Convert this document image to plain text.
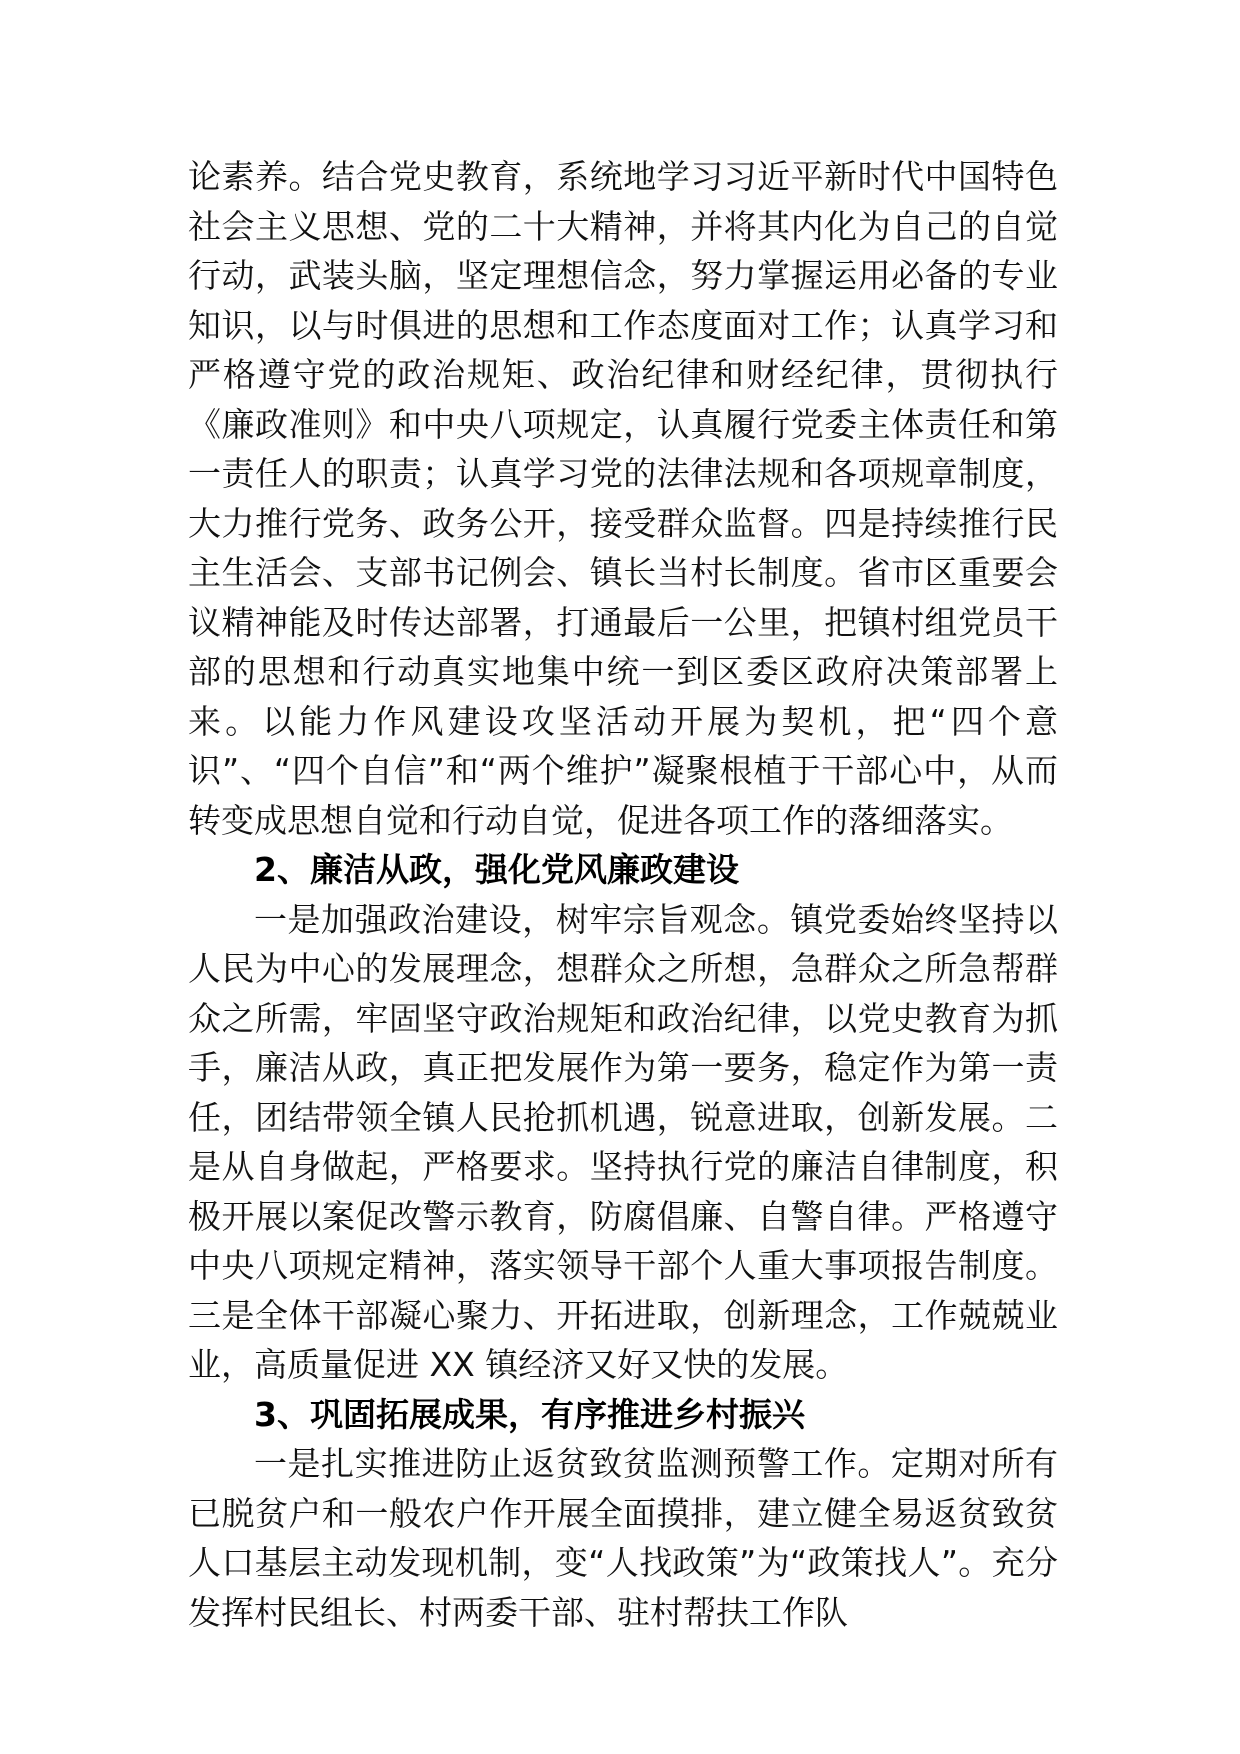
论素养。结合党史教育，系统地学习习近平新时代中国特色社会主义思想、党的二十大精神，并将其内化为自己的自觉行动，武装头脑，坚定理想信念，努力掌握运用必备的专业知识，以与时俱进的思想和工作态度面对工作；认真学习和严格遵守党的政治规矩、政治纪律和财经纪律，贯彻执行《廉政准则》和中央八项规定，认真履行党委主体责任和第一责任人的职责；认真学习党的法律法规和各项规章制度，大力推行党务、政务公开，接受群众监督。四是持续推行民主生活会、支部书记例会、镇长当村长制度。省市区重要会议精神能及时传达部署，打通最后一公里，把镇村组党员干部的思想和行动真实地集中统一到区委区政府决策部署上来。以能力作风建设攻坚活动开展为契机，把“四个意识”、“四个自信”和“两个维护”凝聚根植于干部心中，从而转变成思想自觉和行动自觉，促进各项工作的落细落实。

2、廉洁从政，强化党风廉政建设

一是加强政治建设，树牢宗旨观念。镇党委始终坚持以人民为中心的发展理念，想群众之所想，急群众之所急帮群众之所需，牢固坚守政治规矩和政治纪律，以党史教育为抓手，廉洁从政，真正把发展作为第一要务，稳定作为第一责任，团结带领全镇人民抢抓机遇，锐意进取，创新发展。二是从自身做起，严格要求。坚持执行党的廉洁自律制度，积极开展以案促改警示教育，防腐倡廉、自警自律。严格遵守中央八项规定精神，落实领导干部个人重大事项报告制度。三是全体干部凝心聚力、开拓进取，创新理念，工作兢兢业业，高质量促进 XX 镇经济又好又快的发展。

3、巩固拓展成果，有序推进乡村振兴

一是扎实推进防止返贫致贫监测预警工作。定期对所有已脱贫户和一般农户作开展全面摸排，建立健全易返贫致贫人口基层主动发现机制，变“人找政策”为“政策找人”。充分发挥村民组长、村两委干部、驻村帮扶工作队
